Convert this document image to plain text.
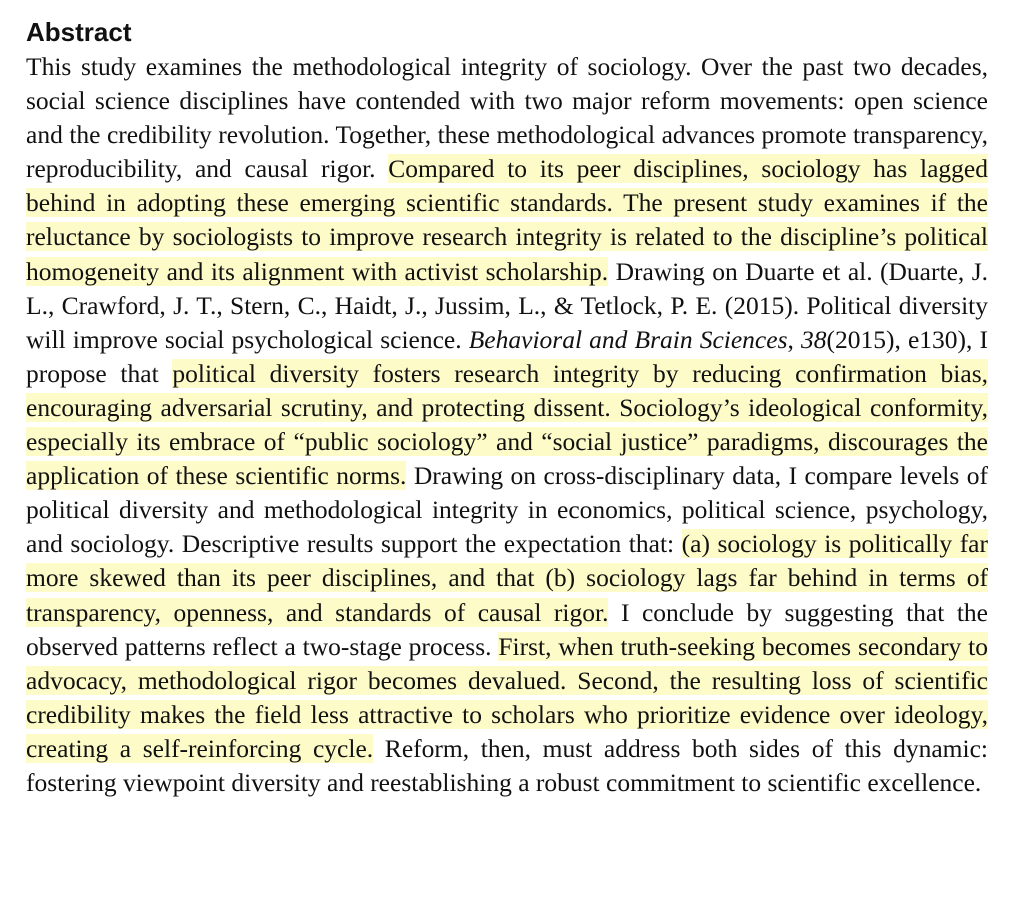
Abstract

This study examines the methodological integrity of sociology. Over the past two decades, social science disciplines have contended with two major reform movements: open science and the credibility revolution. Together, these methodological advances promote transparency, reproducibility, and causal rigor. Compared to its peer disciplines, sociology has lagged behind in adopting these emerging scientific standards. The present study examines if the reluctance by sociologists to improve research integrity is related to the discipline’s political homogeneity and its alignment with activist scholarship. Drawing on Duarte et al. (Duarte, J. L., Crawford, J. T., Stern, C., Haidt, J., Jussim, L., & Tetlock, P. E. (2015). Political diversity will improve social psychological science. Behavioral and Brain Sciences, 38(2015), e130), I propose that political diversity fosters research integrity by reducing confirmation bias, encouraging adversarial scrutiny, and protecting dissent. Sociology’s ideological conformity, especially its embrace of “public sociology” and “social justice” paradigms, discourages the application of these scientific norms. Drawing on cross-disciplinary data, I compare levels of political diversity and methodological integrity in economics, political science, psychology, and sociology. Descriptive results support the expectation that: (a) sociology is politically far more skewed than its peer disciplines, and that (b) sociology lags far behind in terms of transparency, openness, and standards of causal rigor. I conclude by suggesting that the observed patterns reflect a two-stage process. First, when truth-seeking becomes secondary to advocacy, methodological rigor becomes devalued. Second, the resulting loss of scientific credibility makes the field less attractive to scholars who prioritize evidence over ideology, creating a self-reinforcing cycle. Reform, then, must address both sides of this dynamic: fostering viewpoint diversity and reestablishing a robust commitment to scientific excellence.
